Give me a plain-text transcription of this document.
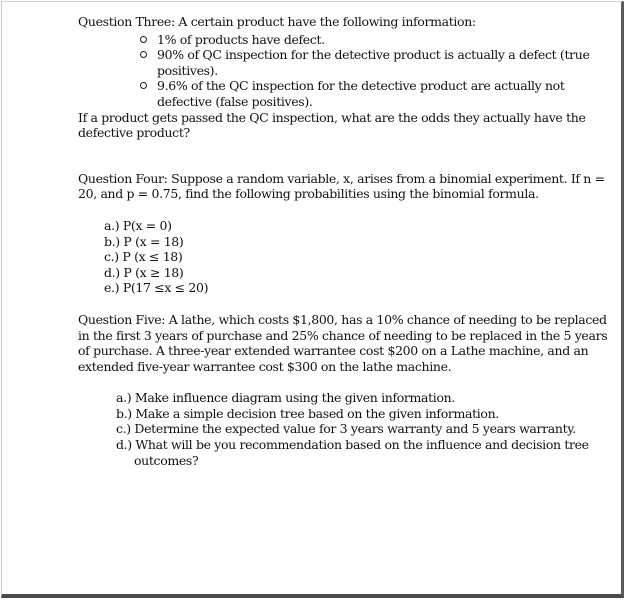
Question Three: A certain product have the following information:

1% of products have defect.
90% of QC inspection for the detective product is actually a defect (true positives).
9.6% of the QC inspection for the detective product are actually not defective (false positives).

If a product gets passed the QC inspection, what are the odds they actually have the defective product?

Question Four: Suppose a random variable, x, arises from a binomial experiment. If n = 20, and p = 0.75, find the following probabilities using the binomial formula.

a.) P(x = 0)
b.) P (x = 18)
c.) P (x ≤ 18)
d.) P (x ≥ 18)
e.) P(17 ≤x ≤ 20)

Question Five: A lathe, which costs $1,800, has a 10% chance of needing to be replaced in the first 3 years of purchase and 25% chance of needing to be replaced in the 5 years of purchase. A three-year extended warrantee cost $200 on a Lathe machine, and an extended five-year warrantee cost $300 on the lathe machine.

a.) Make influence diagram using the given information.
b.) Make a simple decision tree based on the given information.
c.) Determine the expected value for 3 years warranty and 5 years warranty.
d.) What will be you recommendation based on the influence and decision tree outcomes?
